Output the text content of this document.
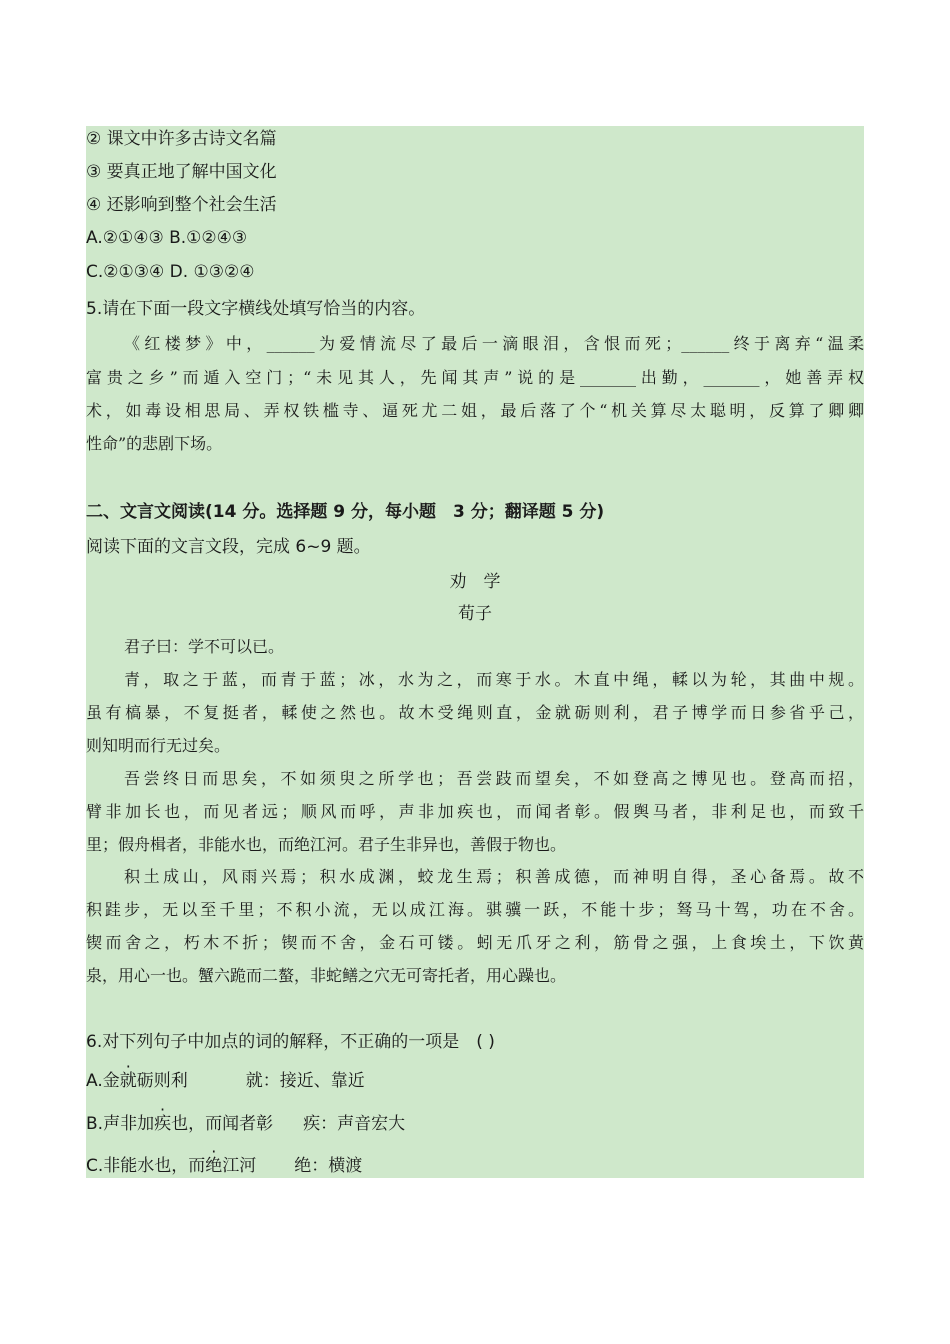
② 课文中许多古诗文名篇
③ 要真正地了解中国文化
④ 还影响到整个社会生活
A.②①④③ B.①②④③
C.②①③④ D. ①③②④
5.请在下面一段文字横线处填写恰当的内容。
《红楼梦》中，______为爱情流尽了最后一滴眼泪，含恨而死；______终于离弃“温柔
富贵之乡”而遁入空门；“未见其人，先闻其声”说的是_______出勤，_______，她善弄权
术，如毒设相思局、弄权铁槛寺、逼死尤二姐，最后落了个“机关算尽太聪明，反算了卿卿
性命”的悲剧下场。
二、文言文阅读(14 分。选择题 9 分，每小题　3 分；翻译题 5 分)
阅读下面的文言文段，完成 6~9 题。
劝　学
荀子
君子曰：学不可以已。
青，取之于蓝，而青于蓝；冰，水为之，而寒于水。木直中绳，輮以为轮，其曲中规。
虽有槁暴，不复挺者，輮使之然也。故木受绳则直，金就砺则利，君子博学而日参省乎己，
则知明而行无过矣。
吾尝终日而思矣，不如须臾之所学也；吾尝跂而望矣，不如登高之博见也。登高而招，
臂非加长也，而见者远；顺风而呼，声非加疾也，而闻者彰。假舆马者，非利足也，而致千
里；假舟楫者，非能水也，而绝江河。君子生非异也，善假于物也。
积土成山，风雨兴焉；积水成渊，蛟龙生焉；积善成德，而神明自得，圣心备焉。故不
积跬步，无以至千里；不积小流，无以成江海。骐骥一跃，不能十步；驽马十驾，功在不舍。
锲而舍之，朽木不折；锲而不舍，金石可镂。蚓无爪牙之利，筋骨之强，上食埃土，下饮黄
泉，用心一也。蟹六跪而二螯，非蛇鳝之穴无可寄托者，用心躁也。
6.对下列句子中加点的词的解释，不正确的一项是　( )
A.金就砺则利	就：接近、靠近
B.声非加疾也，而闻者彰 疾：声音宏大
C.非能水也，而绝江河 绝：横渡
